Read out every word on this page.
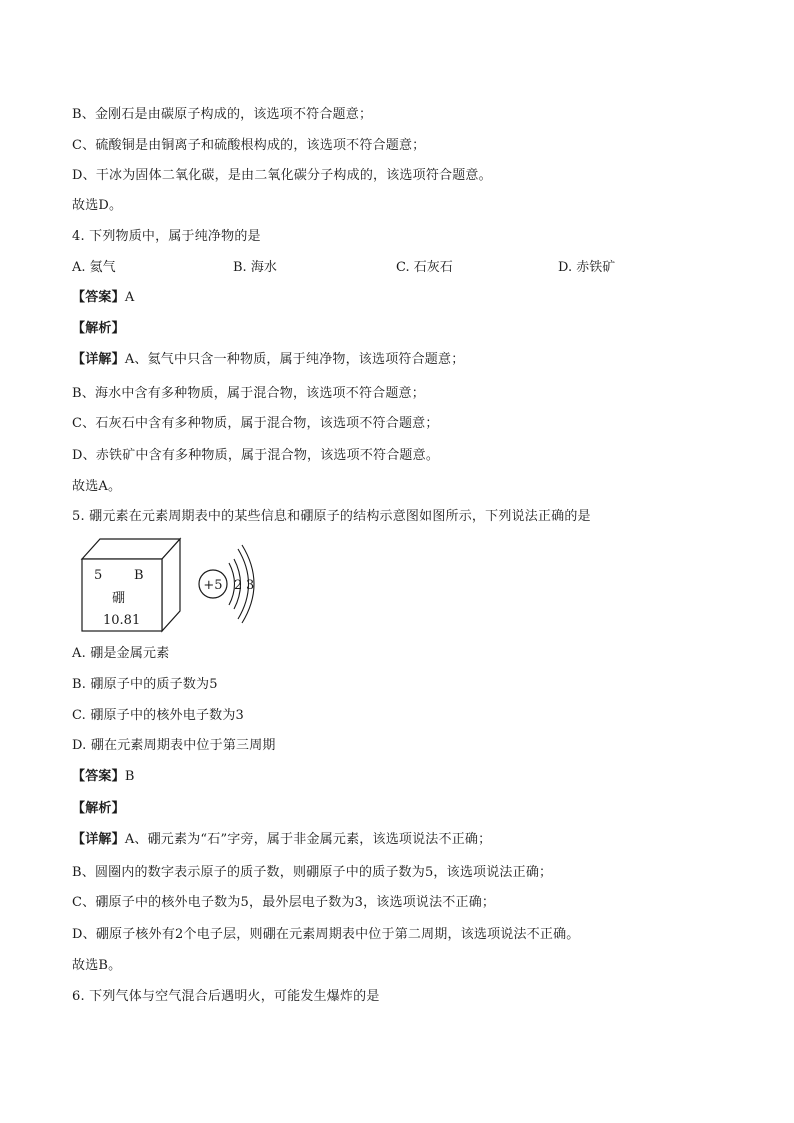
B、金刚石是由碳原子构成的，该选项不符合题意；
C、硫酸铜是由铜离子和硫酸根构成的，该选项不符合题意；
D、干冰为固体二氧化碳，是由二氧化碳分子构成的，该选项符合题意。
故选D。
4. 下列物质中，属于纯净物的是
A. 氦气	B. 海水	C. 石灰石	D. 赤铁矿
【答案】A
【解析】
【详解】A、氦气中只含一种物质，属于纯净物，该选项符合题意；
B、海水中含有多种物质，属于混合物，该选项不符合题意；
C、石灰石中含有多种物质，属于混合物，该选项不符合题意；
D、赤铁矿中含有多种物质，属于混合物，该选项不符合题意。
故选A。
5. 硼元素在元素周期表中的某些信息和硼原子的结构示意图如图所示，下列说法正确的是
5 B
硼
10.81
+5 2 3
A. 硼是金属元素
B. 硼原子中的质子数为5
C. 硼原子中的核外电子数为3
D. 硼在元素周期表中位于第三周期
【答案】B
【解析】
【详解】A、硼元素为“石”字旁，属于非金属元素，该选项说法不正确；
B、圆圈内的数字表示原子的质子数，则硼原子中的质子数为5，该选项说法正确；
C、硼原子中的核外电子数为5，最外层电子数为3，该选项说法不正确；
D、硼原子核外有2个电子层，则硼在元素周期表中位于第二周期，该选项说法不正确。
故选B。
6. 下列气体与空气混合后遇明火，可能发生爆炸的是
